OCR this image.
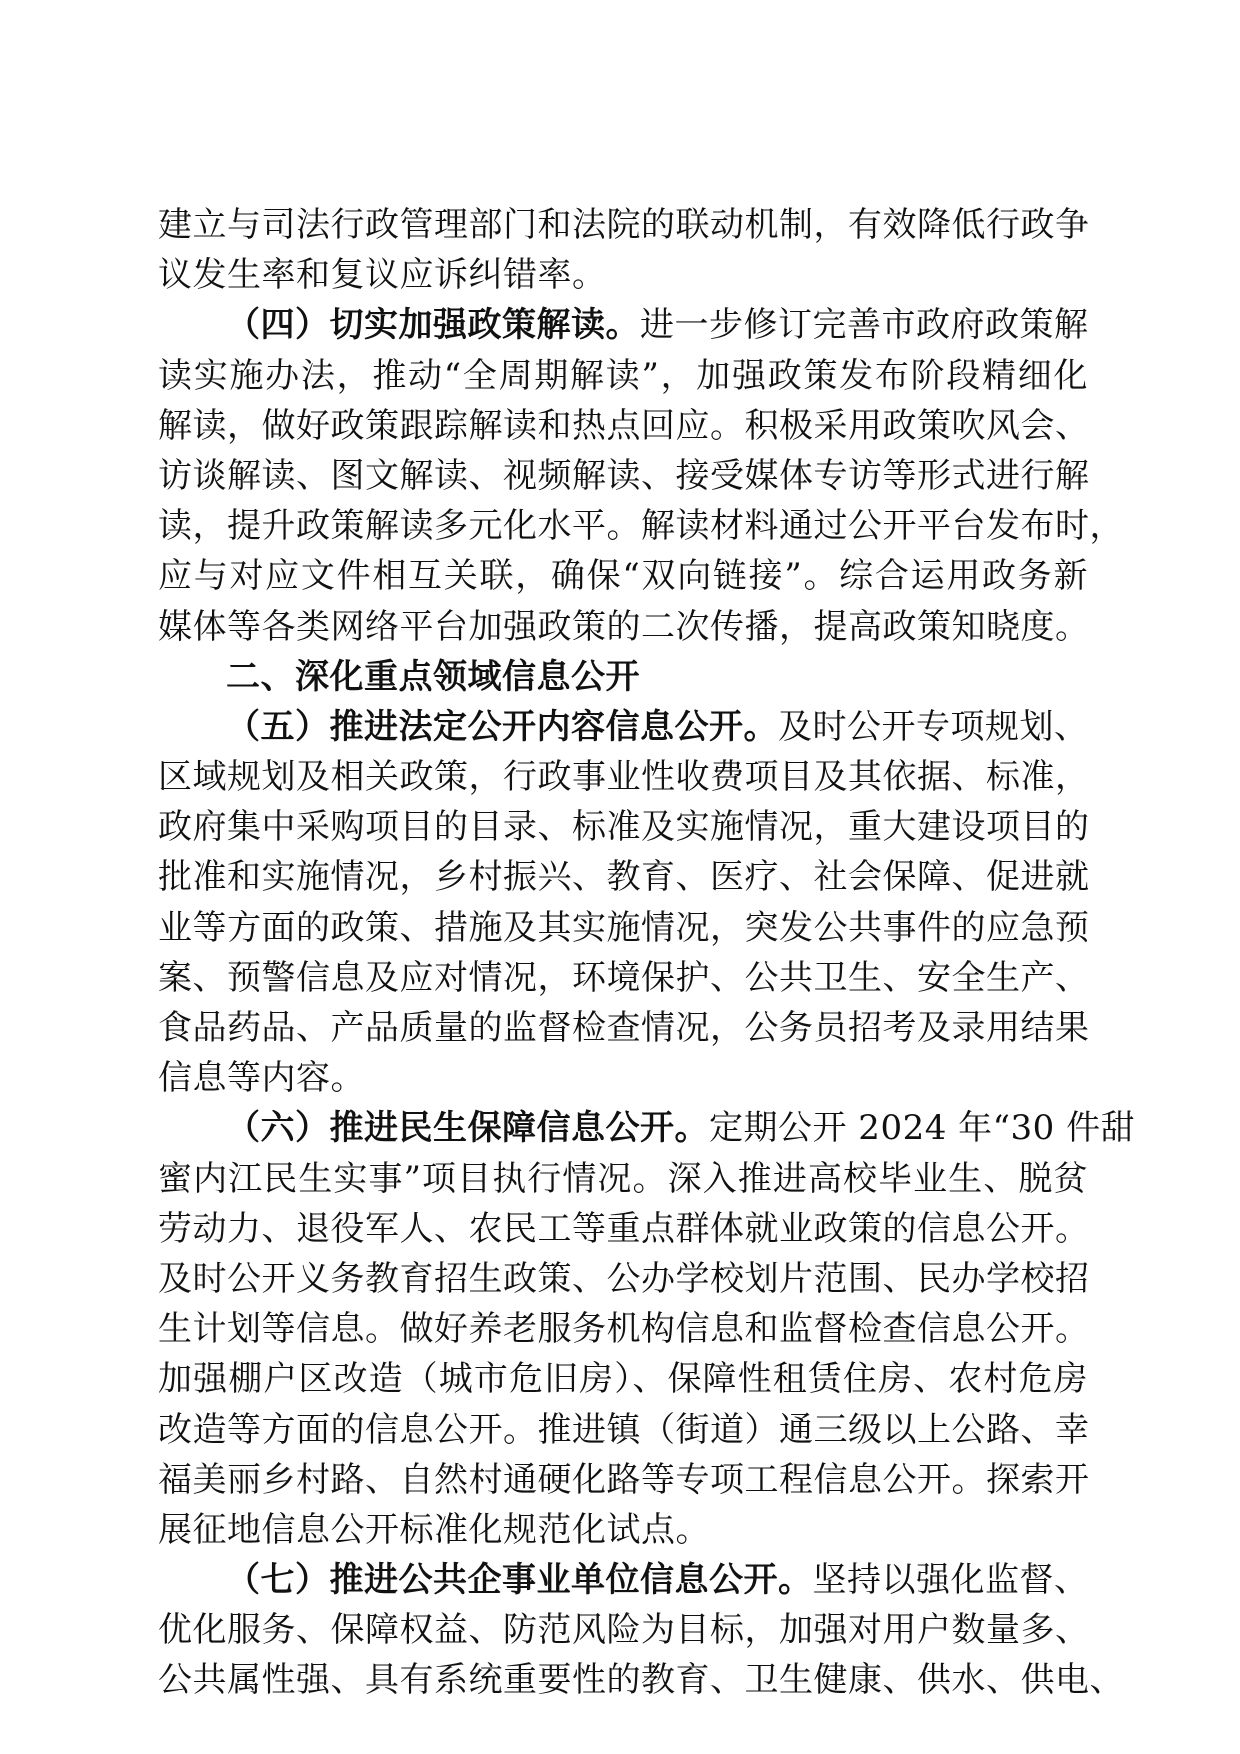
建立与司法行政管理部门和法院的联动机制，有效降低行政争
议发生率和复议应诉纠错率。
（四）切实加强政策解读。进一步修订完善市政府政策解
读实施办法，推动“全周期解读”，加强政策发布阶段精细化
解读，做好政策跟踪解读和热点回应。积极采用政策吹风会、
访谈解读、图文解读、视频解读、接受媒体专访等形式进行解
读，提升政策解读多元化水平。解读材料通过公开平台发布时，
应与对应文件相互关联，确保“双向链接”。综合运用政务新
媒体等各类网络平台加强政策的二次传播，提高政策知晓度。
二、深化重点领域信息公开
（五）推进法定公开内容信息公开。及时公开专项规划、
区域规划及相关政策，行政事业性收费项目及其依据、标准，
政府集中采购项目的目录、标准及实施情况，重大建设项目的
批准和实施情况，乡村振兴、教育、医疗、社会保障、促进就
业等方面的政策、措施及其实施情况，突发公共事件的应急预
案、预警信息及应对情况，环境保护、公共卫生、安全生产、
食品药品、产品质量的监督检查情况，公务员招考及录用结果
信息等内容。
（六）推进民生保障信息公开。定期公开 2024 年“30 件甜
蜜内江民生实事”项目执行情况。深入推进高校毕业生、脱贫
劳动力、退役军人、农民工等重点群体就业政策的信息公开。
及时公开义务教育招生政策、公办学校划片范围、民办学校招
生计划等信息。做好养老服务机构信息和监督检查信息公开。
加强棚户区改造（城市危旧房）、保障性租赁住房、农村危房
改造等方面的信息公开。推进镇（街道）通三级以上公路、幸
福美丽乡村路、自然村通硬化路等专项工程信息公开。探索开
展征地信息公开标准化规范化试点。
（七）推进公共企事业单位信息公开。坚持以强化监督、
优化服务、保障权益、防范风险为目标，加强对用户数量多、
公共属性强、具有系统重要性的教育、卫生健康、供水、供电、
